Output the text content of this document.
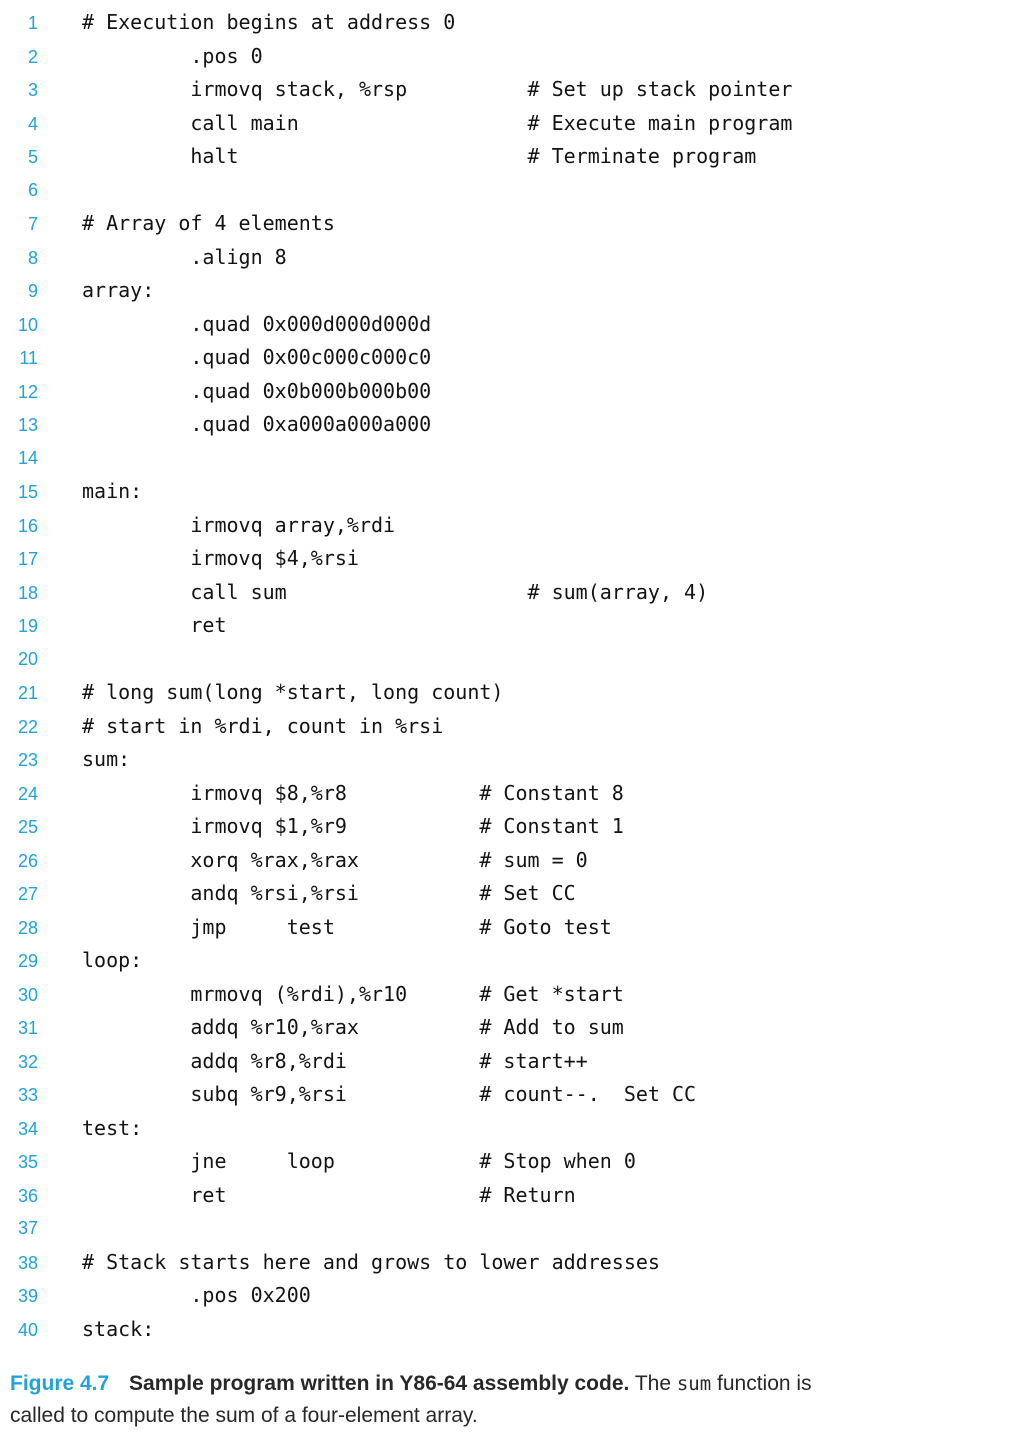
1 # Execution begins at address 0
2 .pos 0
3 irmovq stack, %rsp          # Set up stack pointer
4 call main                   # Execute main program
5 halt                        # Terminate program
6
7 # Array of 4 elements
8 .align 8
9 array:
10 .quad 0x000d000d000d
11 .quad 0x00c000c000c0
12 .quad 0x0b000b000b00
13 .quad 0xa000a000a000
14
15 main:
16 irmovq array,%rdi
17 irmovq $4,%rsi
18 call sum                    # sum(array, 4)
19 ret
20
21 # long sum(long *start, long count)
22 # start in %rdi, count in %rsi
23 sum:
24 irmovq $8,%r8           # Constant 8
25 irmovq $1,%r9           # Constant 1
26 xorq %rax,%rax          # sum = 0
27 andq %rsi,%rsi          # Set CC
28 jmp     test            # Goto test
29 loop:
30 mrmovq (%rdi),%r10      # Get *start
31 addq %r10,%rax          # Add to sum
32 addq %r8,%rdi           # start++
33 subq %r9,%rsi           # count--.  Set CC
34 test:
35 jne     loop            # Stop when 0
36 ret                     # Return
37
38 # Stack starts here and grows to lower addresses
39 .pos 0x200
40 stack:
Figure 4.7 Sample program written in Y86-64 assembly code. The sum function is
called to compute the sum of a four-element array.
